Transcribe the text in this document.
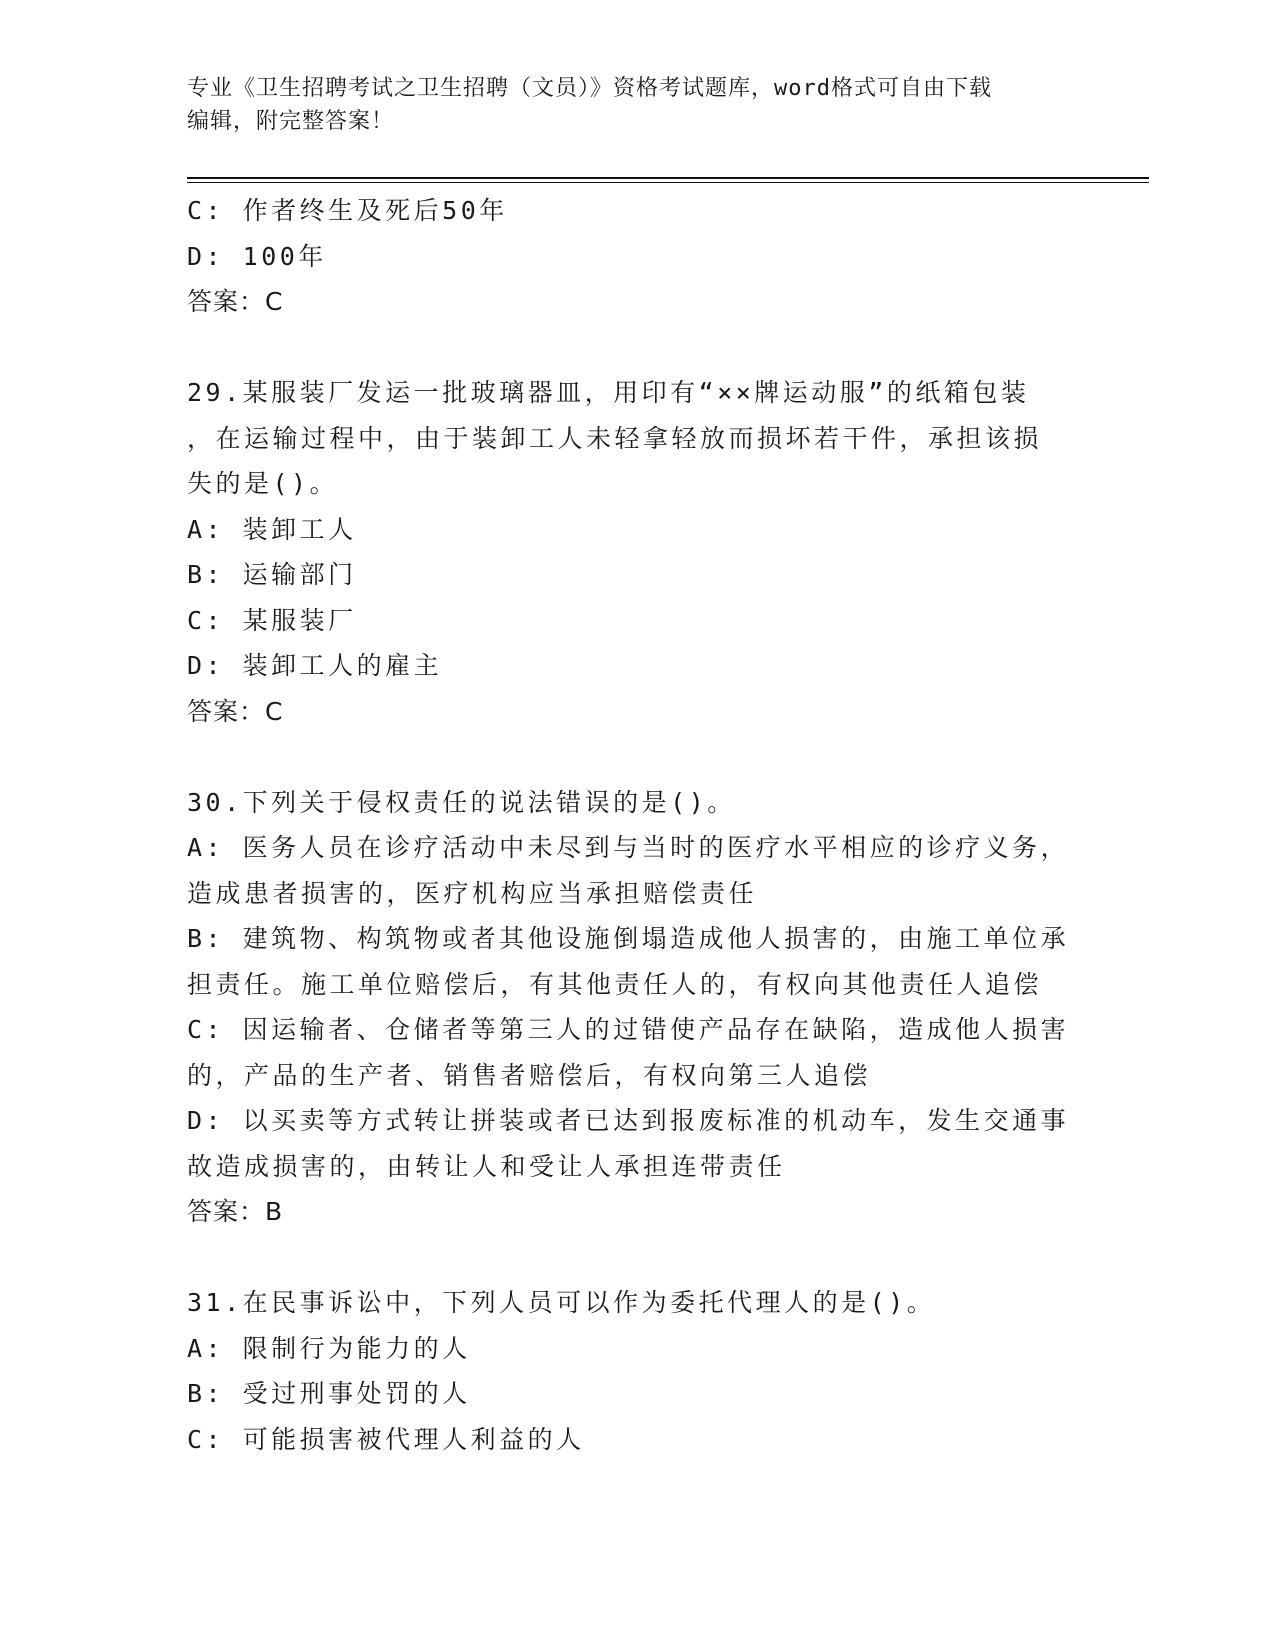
专业《卫生招聘考试之卫生招聘（文员）》资格考试题库，word格式可自由下载
编辑，附完整答案！
C: 作者终生及死后50年
D: 100年
答案：C
29.某服装厂发运一批玻璃器皿，用印有“××牌运动服”的纸箱包装
，在运输过程中，由于装卸工人未轻拿轻放而损坏若干件，承担该损
失的是()。
A: 装卸工人
B: 运输部门
C: 某服装厂
D: 装卸工人的雇主
答案：C
30.下列关于侵权责任的说法错误的是()。
A: 医务人员在诊疗活动中未尽到与当时的医疗水平相应的诊疗义务，
造成患者损害的，医疗机构应当承担赔偿责任
B: 建筑物、构筑物或者其他设施倒塌造成他人损害的，由施工单位承
担责任。施工单位赔偿后，有其他责任人的，有权向其他责任人追偿
C: 因运输者、仓储者等第三人的过错使产品存在缺陷，造成他人损害
的，产品的生产者、销售者赔偿后，有权向第三人追偿
D: 以买卖等方式转让拼装或者已达到报废标准的机动车，发生交通事
故造成损害的，由转让人和受让人承担连带责任
答案：B
31.在民事诉讼中，下列人员可以作为委托代理人的是()。
A: 限制行为能力的人
B: 受过刑事处罚的人
C: 可能损害被代理人利益的人
